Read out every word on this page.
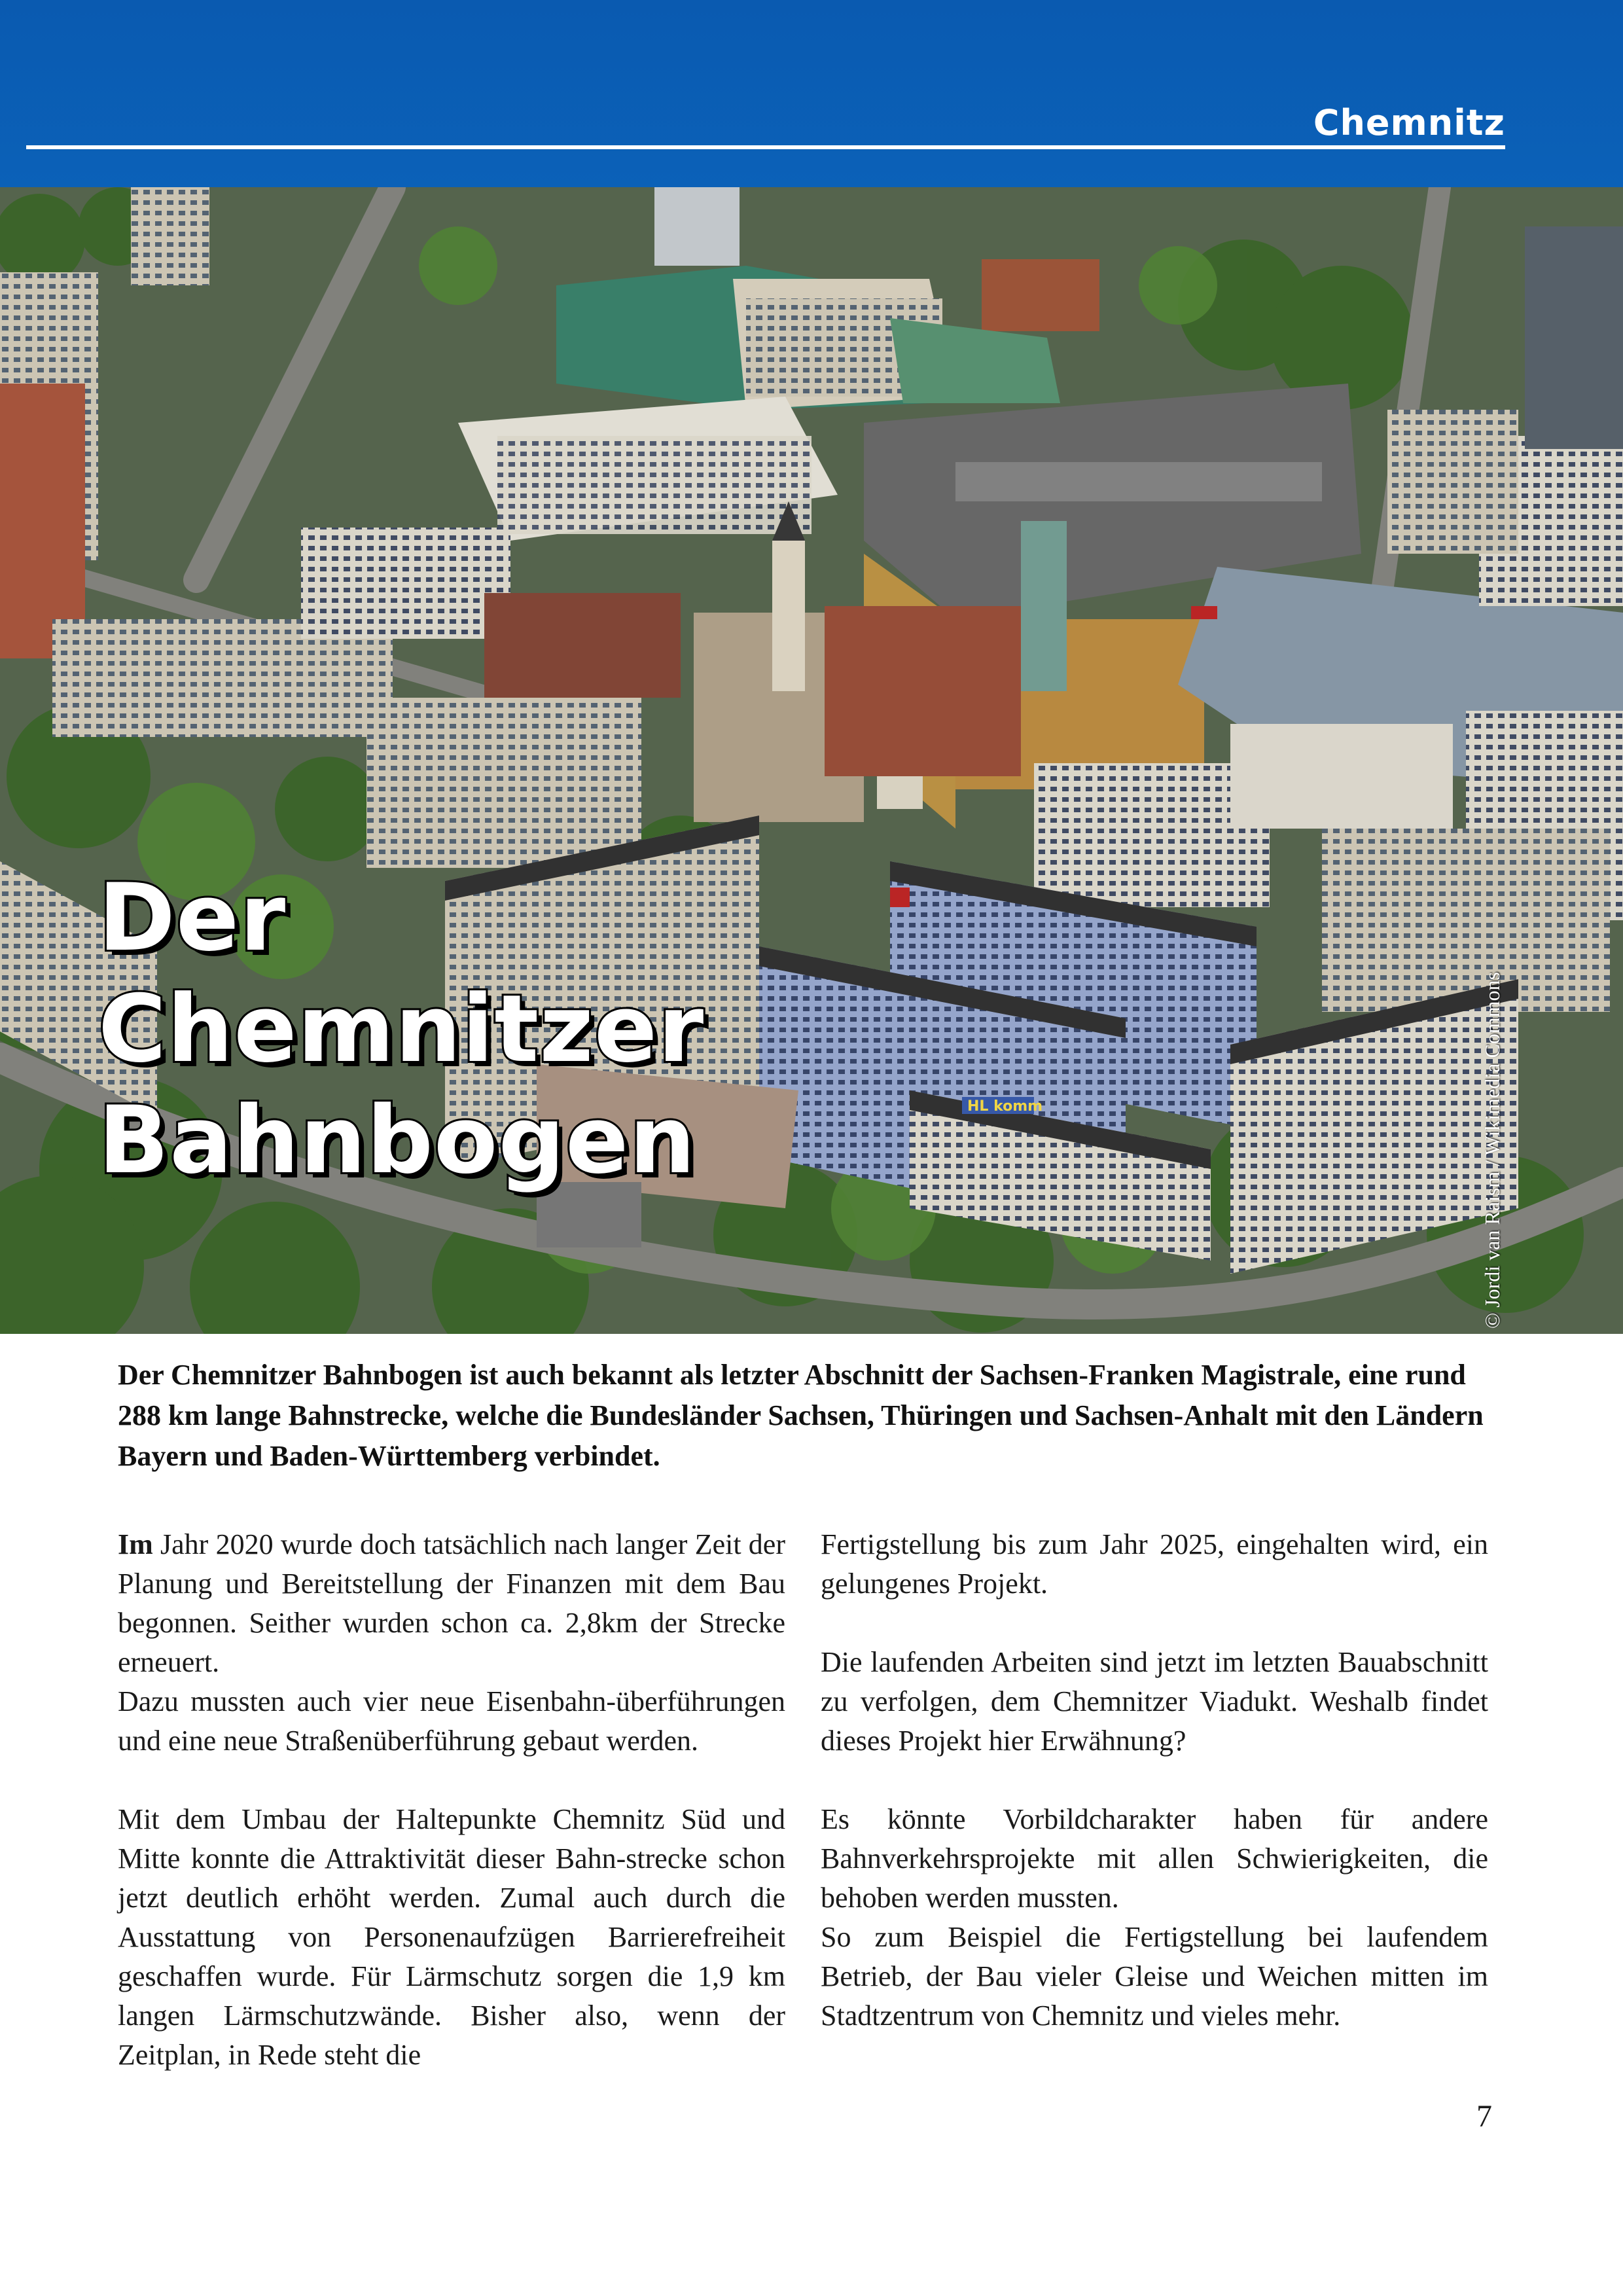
Chemnitz
HL komm
Der
Chemnitzer
Bahnbogen	© Jordi van Raism / Wikimedia Commons
Der Chemnitzer Bahnbogen ist auch bekannt als letzter Abschnitt der Sachsen-Franken Magistrale, eine rund 288 km lange Bahnstrecke, welche die Bundesländer Sachsen, Thüringen und Sachsen-Anhalt mit den Ländern Bayern und Baden-Württemberg verbindet.

Im Jahr 2020 wurde doch tatsächlich nach langer Zeit der Planung und Bereitstellung der Finanzen mit dem Bau begonnen. Seither wurden schon ca. 2,8km der Strecke erneuert.
Dazu mussten auch vier neue Eisenbahn-überführungen und eine neue Straßenüberführung gebaut werden.

Mit dem Umbau der Haltepunkte Chemnitz Süd und Mitte konnte die Attraktivität dieser Bahn-strecke schon jetzt deutlich erhöht werden. Zumal auch durch die Ausstattung von Personenaufzügen Barrierefreiheit geschaffen wurde. Für Lärmschutz sorgen die 1,9 km langen Lärmschutzwände. Bisher also, wenn der Zeitplan, in Rede steht die

Fertigstellung bis zum Jahr 2025, eingehalten wird, ein gelungenes Projekt.

Die laufenden Arbeiten sind jetzt im letzten Bauabschnitt zu verfolgen, dem Chemnitzer Viadukt. Weshalb findet dieses Projekt hier Erwähnung?

Es könnte Vorbildcharakter haben für andere Bahnverkehrsprojekte mit allen Schwierigkeiten, die behoben werden mussten.
So zum Beispiel die Fertigstellung bei laufendem Betrieb, der Bau vieler Gleise und Weichen mitten im Stadtzentrum von Chemnitz und vieles mehr.

7
